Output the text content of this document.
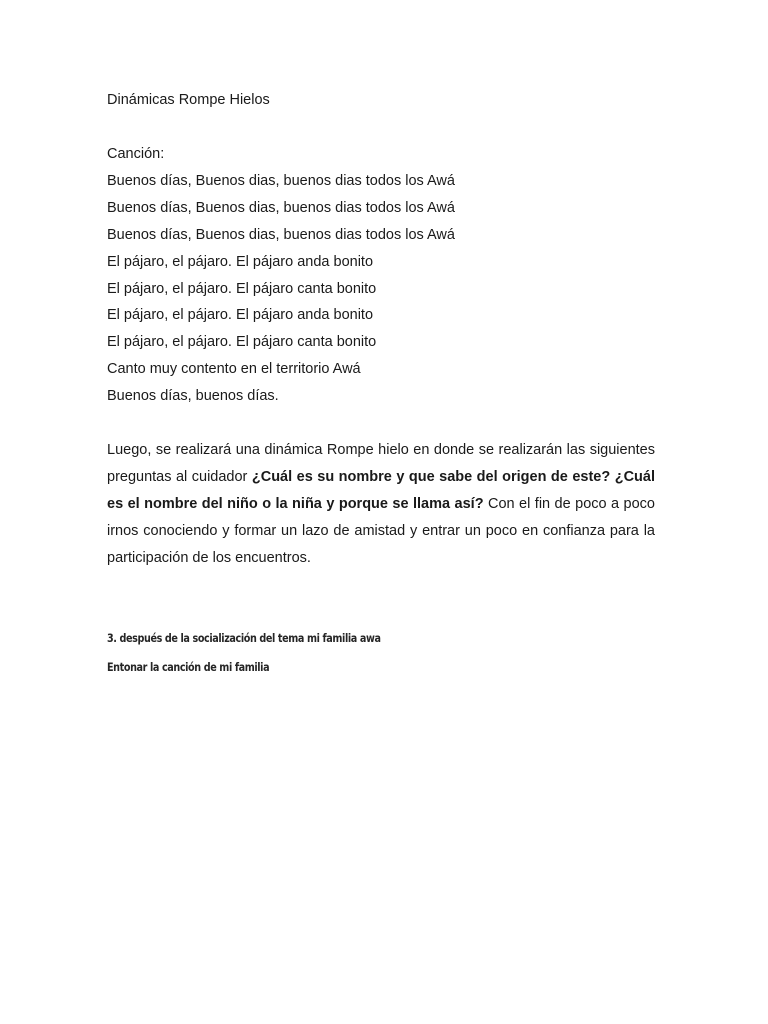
Dinámicas Rompe Hielos

Canción:
Buenos días, Buenos dias, buenos dias todos los Awá
Buenos días, Buenos dias, buenos dias todos los Awá
Buenos días, Buenos dias, buenos dias todos los Awá
El pájaro, el pájaro. El pájaro anda bonito
El pájaro, el pájaro. El pájaro canta bonito
El pájaro, el pájaro. El pájaro anda bonito
El pájaro, el pájaro. El pájaro canta bonito
Canto muy contento en el territorio Awá
Buenos días, buenos días.

Luego, se realizará una dinámica Rompe hielo en donde se realizarán las siguientes preguntas al cuidador ¿Cuál es su nombre y que sabe del origen de este? ¿Cuál es el nombre del niño o la niña y porque se llama así? Con el fin de poco a poco irnos conociendo y formar un lazo de amistad y entrar un poco en confianza para la participación de los encuentros.

3. después de la socialización del tema mi familia awa
Entonar la canción de mi familia
